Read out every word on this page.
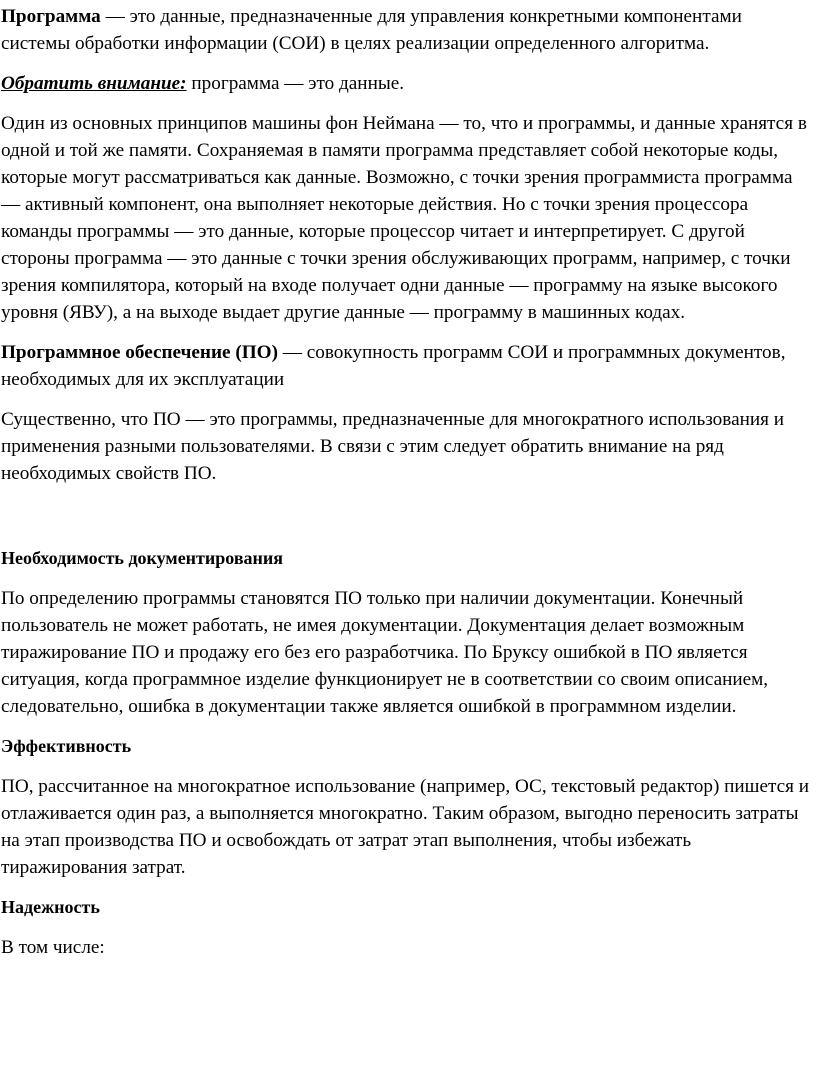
Программа — это данные, предназначенные для управления конкретными компонентами системы обработки информации (СОИ) в целях реализации определенного алгоритма.

Обратить внимание: программа — это данные.

Один из основных принципов машины фон Неймана — то, что и программы, и данные хранятся в одной и той же памяти. Сохраняемая в памяти программа представляет собой некоторые коды, которые могут рассматриваться как данные. Возможно, с точки зрения программиста программа — активный компонент, она выполняет некоторые действия. Но с точки зрения процессора команды программы — это данные, которые процессор читает и интерпретирует. С другой стороны программа — это данные с точки зрения обслуживающих программ, например, с точки зрения компилятора, который на входе получает одни данные — программу на языке высокого уровня (ЯВУ), а на выходе выдает другие данные — программу в машинных кодах.

Программное обеспечение (ПО) — совокупность программ СОИ и программных документов, необходимых для их эксплуатации

Существенно, что ПО — это программы, предназначенные для многократного использования и применения разными пользователями. В связи с этим следует обратить внимание на ряд необходимых свойств ПО.

Необходимость документирования

По определению программы становятся ПО только при наличии документации. Конечный пользователь не может работать, не имея документации. Документация делает возможным тиражирование ПО и продажу его без его разработчика. По Бруксу ошибкой в ПО является ситуация, когда программное изделие функционирует не в соответствии со своим описанием, следовательно, ошибка в документации также является ошибкой в программном изделии.

Эффективность

ПО, рассчитанное на многократное использование (например, ОС, текстовый редактор) пишется и отлаживается один раз, а выполняется многократно. Таким образом, выгодно переносить затраты на этап производства ПО и освобождать от затрат этап выполнения, чтобы избежать тиражирования затрат.

Надежность

В том числе:
